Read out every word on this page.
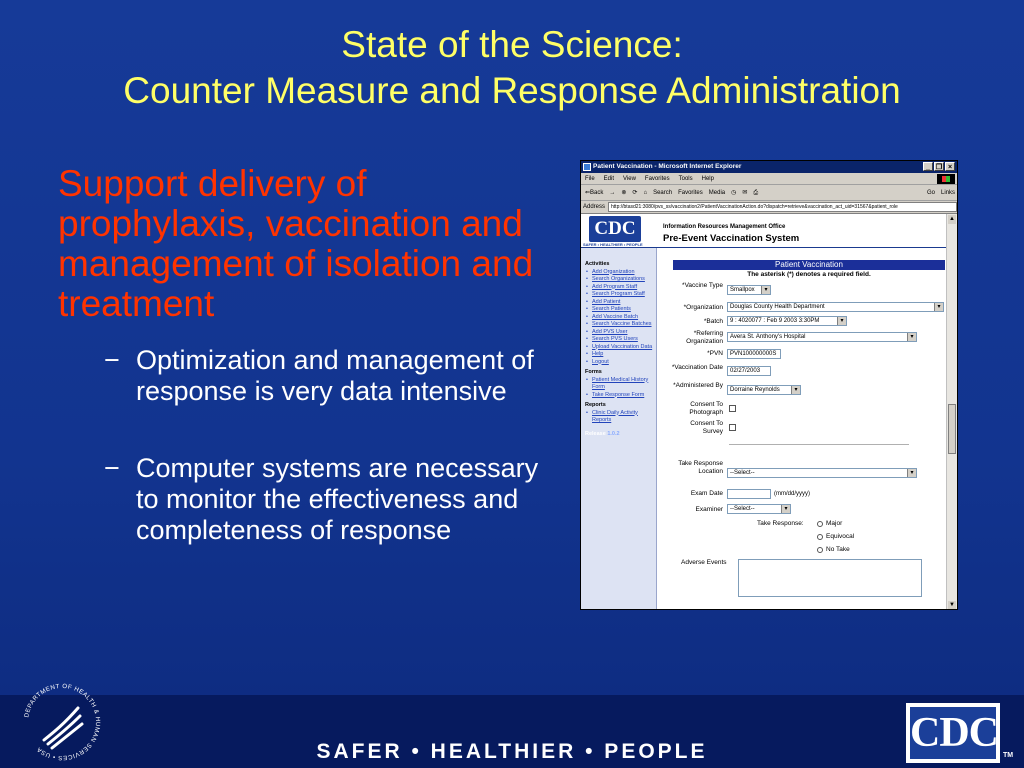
State of the Science:
Counter Measure and Response Administration
Support delivery of prophylaxis, vaccination and management of isolation and treatment
− Optimization and management of response is very data intensive
− Computer systems are necessary to monitor the effectiveness and completeness of response
Patient Vaccination - Microsoft Internet Explorer	_ ❐ ×
File Edit View Favorites Tools Help
⇐Back → ⊗ ⟳ ⌂ Search Favorites Media ◷ ✉ ⎙	Go Links
Address	http://btasd21:3080/pvs_ss/vaccination2/PatientVaccinationAction.do?dispatch=retrieve&vaccination_act_uid=31567&patient_role
CDC
SAFER • HEALTHIER • PEOPLE
Information Resources Management Office
Pre-Event Vaccination System
Activities
• Add Organization
• Search Organizations
• Add Program Staff
• Search Program Staff
• Add Patient
• Search Patients
• Add Vaccine Batch
• Search Vaccine Batches
• Add PVS User
• Search PVS Users
• Upload Vaccination Data
• Help
• Logout
Forms
• Patient Medical History Form
• Take Response Form
Reports
• Clinic Daily Activity Reports
Release 1.0.2
Patient Vaccination
The asterisk (*) denotes a required field.
*Vaccine Type
Smallpox ▾
*Organization	Douglas County Health Department ▾
*Batch	9 : 4020077 : Feb 9 2003 3:30PM ▾
*Referring Organization
Avera St. Anthony's Hospital ▾
*PVN	PVN100000000S
*Vaccination Date	02/27/2003
*Administered By
Dorraine Reynolds ▾
Consent To Photograph
Consent To Survey
Take Response Location	--Select-- ▾
Exam Date	(mm/dd/yyyy)
Examiner	--Select-- ▾
Take Response:	Major
Equivocal
No Take
Adverse Events
▲
▼
DEPARTMENT OF HEALTH & HUMAN SERVICES • USA	SAFER • HEALTHIER • PEOPLE	CDC TM
